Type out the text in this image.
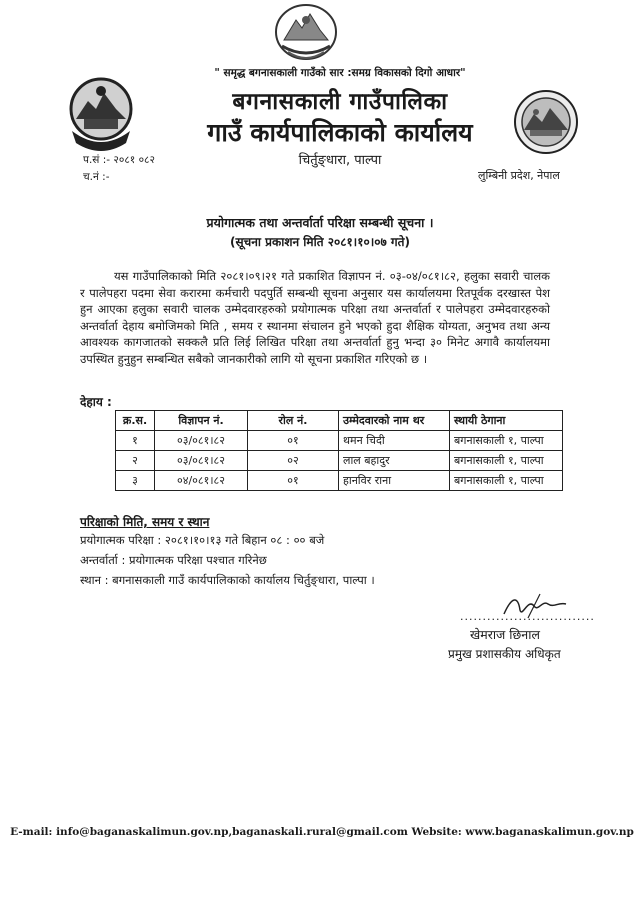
" समृद्ध बगनासकाली गाउँको सार :समग्र विकासको दिगो आधार"
बगनासकाली गाउँपालिका
गाउँ कार्यपालिकाको कार्यालय
चिर्तुङ्धारा, पाल्पा
प.सं :- २०८१ ०८२
च.नं :-	लुम्बिनी प्रदेश, नेपाल
प्रयोगात्मक तथा अन्तर्वार्ता परिक्षा सम्बन्धी सूचना ।
(सूचना प्रकाशन मिति २०८१।१०।०७ गते)
यस गाउँपालिकाको मिति २०८१।०९।२१ गते प्रकाशित विज्ञापन नं. ०३-०४/०८१।८२, हलुका सवारी चालक र पालेपहरा पदमा सेवा करारमा कर्मचारी पदपुर्ति सम्बन्धी सूचना अनुसार यस कार्यालयमा रितपूर्वक दरखास्त पेश हुन आएका हलुका सवारी चालक उम्मेदवारहरुको प्रयोगात्मक परिक्षा तथा अन्तर्वार्ता र पालेपहरा उम्मेदवारहरुको अन्तर्वार्ता देहाय बमोजिमको मिति , समय र स्थानमा संचालन हुने भएको हुदा शैक्षिक योग्यता, अनुभव तथा अन्य आवश्यक कागजातको सक्कलै प्रति लिई लिखित परिक्षा तथा अन्तर्वार्ता हुनु भन्दा ३० मिनेट अगावै कार्यालयमा उपस्थित हुनुहुन सम्बन्धित सबैको जानकारीको लागि यो सूचना प्रकाशित गरिएको छ ।
देहाय :
क्र.स.	विज्ञापन नं.	रोल नं.	उम्मेदवारको नाम थर	स्थायी ठेगाना
१	०३/०८१।८२	०१	थमन चिदी	बगनासकाली १, पाल्पा
२	०३/०८१।८२	०२	लाल बहादुर	बगनासकाली १, पाल्पा
३	०४/०८१।८२	०१	हानविर राना	बगनासकाली १, पाल्पा
परिक्षाको मिति, समय र स्थान
प्रयोगात्मक परिक्षा : २०८१।१०।१३ गते बिहान ०८ : ०० बजे
अन्तर्वार्ता : प्रयोगात्मक परिक्षा पश्चात गरिनेछ
स्थान : बगनासकाली गाउँ कार्यपालिकाको कार्यालय चिर्तुङ्धारा, पाल्पा ।
..............................
खेमराज छिनाल
प्रमुख प्रशासकीय अधिकृत
E-mail: info@baganaskalimun.gov.np,baganaskali.rural@gmail.com Website: www.baganaskalimun.gov.np
